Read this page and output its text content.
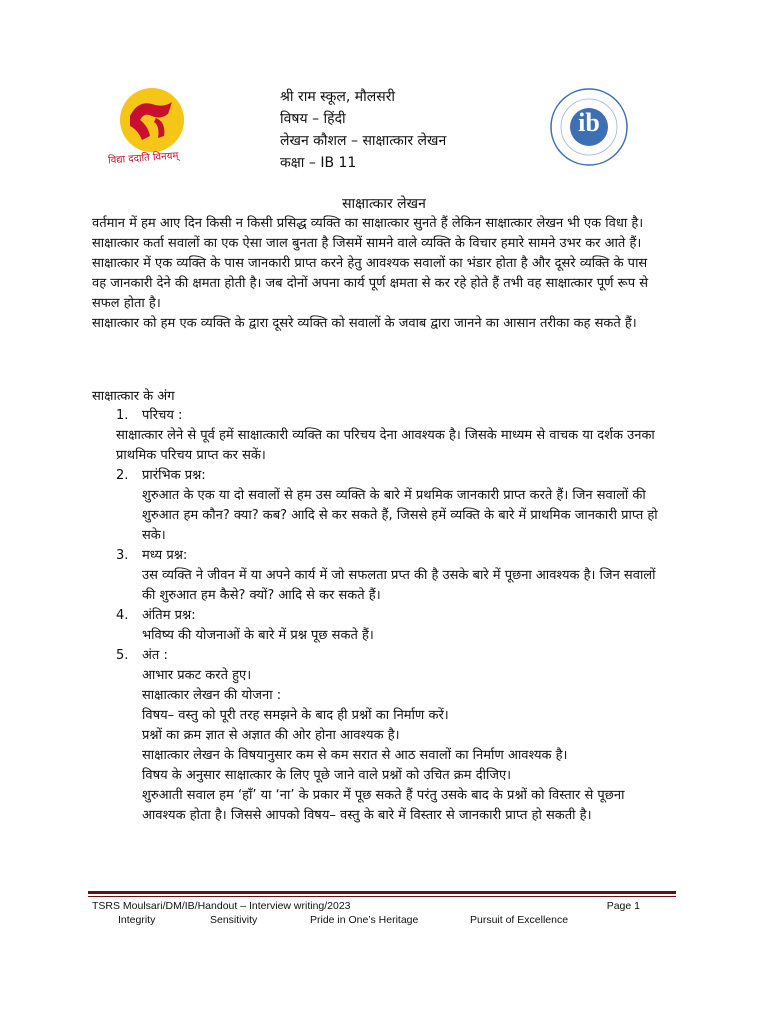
विद्या ददाति विनयम्
ib
श्री राम स्कूल, मौलसरी
विषय – हिंदी
लेखन कौशल – साक्षात्कार लेखन
कक्षा – IB 11
साक्षात्कार लेखन

वर्तमान में हम आए दिन किसी न किसी प्रसिद्ध व्यक्ति का साक्षात्कार सुनते हैं लेकिन साक्षात्कार लेखन भी एक विधा है। साक्षात्कार कर्ता सवालों का एक ऐसा जाल बुनता है जिसमें सामने वाले व्यक्ति के विचार हमारे सामने उभर कर आते हैं।

साक्षात्कार में एक व्यक्ति के पास जानकारी प्राप्त करने हेतु आवश्यक सवालों का भंडार होता है और दूसरे व्यक्ति के पास वह जानकारी देने की क्षमता होती है। जब दोनों अपना कार्य पूर्ण क्षमता से कर रहे होते हैं तभी वह साक्षात्कार पूर्ण रूप से सफल होता है।

साक्षात्कार को हम एक व्यक्ति के द्वारा दूसरे व्यक्ति को सवालों के जवाब द्वारा जानने का आसान तरीका कह सकते हैं।

साक्षात्कार के अंग
1.	परिचय :
साक्षात्कार लेने से पूर्व हमें साक्षात्कारी व्यक्ति का परिचय देना आवश्यक है। जिसके माध्यम से वाचक या दर्शक उनका प्राथमिक परिचय प्राप्त कर सकें।
2.	प्रारंभिक प्रश्न:
शुरुआत के एक या दो सवालों से हम उस व्यक्ति के बारे में प्रथमिक जानकारी प्राप्त करते हैं। जिन सवालों की शुरुआत हम कौन? क्या? कब? आदि से कर सकते हैं, जिससे हमें व्यक्ति के बारे में प्राथमिक जानकारी प्राप्त हो सके।
3.	मध्य प्रश्न:
उस व्यक्ति ने जीवन में या अपने कार्य में जो सफलता प्रप्त की है उसके बारे में पूछना आवश्यक है। जिन सवालों की शुरुआत हम कैसे? क्यों? आदि से कर सकते हैं।
4.	अंतिम प्रश्न:
भविष्य की योजनाओं के बारे में प्रश्न पूछ सकते हैं।
5.	अंत :
आभार प्रकट करते हुए।
साक्षात्कार लेखन की योजना :
विषय– वस्तु को पूरी तरह समझने के बाद ही प्रश्नों का निर्माण करें।
प्रश्नों का क्रम ज्ञात से अज्ञात की ओर होना आवश्यक है।
साक्षात्कार लेखन के विषयानुसार कम से कम सरात से आठ सवालों का निर्माण आवश्यक है।
विषय के अनुसार साक्षात्कार के लिए पूछे जाने वाले प्रश्नों को उचित क्रम दीजिए।
शुरुआती सवाल हम ‘हाँ’ या ‘ना’ के प्रकार में पूछ सकते हैं परंतु उसके बाद के प्रश्नों को विस्तार से पूछना आवश्यक होता है। जिससे आपको विषय– वस्तु के बारे में विस्तार से जानकारी प्राप्त हो सकती है।
TSRS Moulsari/DM/IB/Handout – Interview writing/2023	Page 1
Integrity	Sensitivity	Pride in One’s Heritage	Pursuit of Excellence
